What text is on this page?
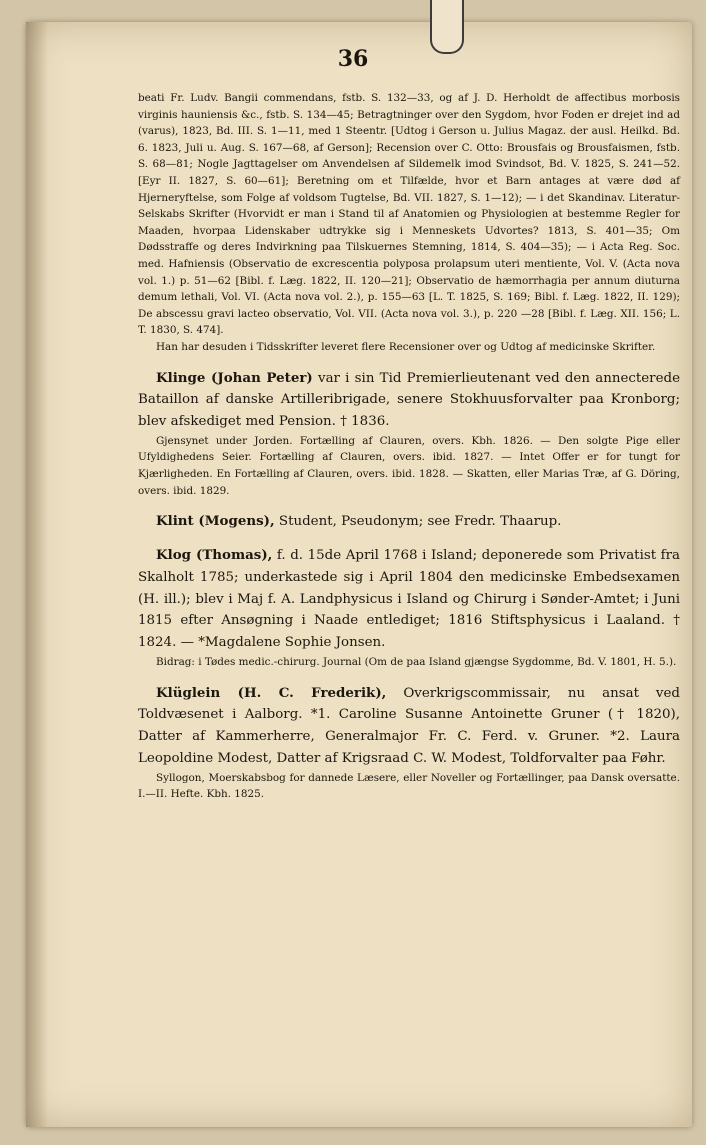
36

beati Fr. Ludv. Bangii commendans, fstb. S. 132—33, og af J. D. Herholdt de affectibus morbosis virginis hauniensis &c., fstb. S. 134—45; Betragtninger over den Sygdom, hvor Foden er drejet ind ad (varus), 1823, Bd. III. S. 1—11, med 1 Steentr. [Udtog i Gerson u. Julius Magaz. der ausl. Heilkd. Bd. 6. 1823, Juli u. Aug. S. 167—68, af Gerson]; Recension over C. Otto: Brousfais og Brousfaismen, fstb. S. 68—81; Nogle Jagttagelser om Anvendelsen af Sildemelk imod Svindsot, Bd. V. 1825, S. 241—52. [Eyr II. 1827, S. 60—61]; Beretning om et Tilfælde, hvor et Barn antages at være død af Hjerneryftelse, som Folge af voldsom Tugtelse, Bd. VII. 1827, S. 1—12); — i det Skandinav. Literatur-Selskabs Skrifter (Hvorvidt er man i Stand til af Anatomien og Physiologien at bestemme Regler for Maaden, hvorpaa Lidenskaber udtrykke sig i Menneskets Udvortes? 1813, S. 401—35; Om Dødsstraffe og deres Indvirkning paa Tilskuernes Stemning, 1814, S. 404—35); — i Acta Reg. Soc. med. Hafniensis (Observatio de excrescentia polyposa prolapsum uteri mentiente, Vol. V. (Acta nova vol. 1.) p. 51—62 [Bibl. f. Læg. 1822, II. 120—21]; Observatio de hæmorrhagia per annum diuturna demum lethali, Vol. VI. (Acta nova vol. 2.), p. 155—63 [L. T. 1825, S. 169; Bibl. f. Læg. 1822, II. 129); De abscessu gravi lacteo observatio, Vol. VII. (Acta nova vol. 3.), p. 220 —28 [Bibl. f. Læg. XII. 156; L. T. 1830, S. 474].

Han har desuden i Tidsskrifter leveret flere Recensioner over og Udtog af medicinske Skrifter.

Klinge (Johan Peter) var i sin Tid Premierlieutenant ved den annecterede Bataillon af danske Artilleribrigade, senere Stokhuusforvalter paa Kronborg; blev afskediget med Pension. † 1836.

Gjensynet under Jorden. Fortælling af Clauren, overs. Kbh. 1826. — Den solgte Pige eller Ufyldighedens Seier. Fortælling af Clauren, overs. ibid. 1827. — Intet Offer er for tungt for Kjærligheden. En Fortælling af Clauren, overs. ibid. 1828. — Skatten, eller Marias Træ, af G. Döring, overs. ibid. 1829.

Klint (Mogens), Student, Pseudonym; see Fredr. Thaarup.

Klog (Thomas), f. d. 15de April 1768 i Island; deponerede som Privatist fra Skalholt 1785; underkastede sig i April 1804 den medicinske Embedsexamen (H. ill.); blev i Maj f. A. Landphysicus i Island og Chirurg i Sønder-Amtet; i Juni 1815 efter Ansøgning i Naade entlediget; 1816 Stiftsphysicus i Laaland. † 1824. — *Magdalene Sophie Jonsen.

Bidrag: i Tødes medic.-chirurg. Journal (Om de paa Island gjængse Sygdomme, Bd. V. 1801, H. 5.).

Klüglein (H. C. Frederik), Overkrigscommissair, nu ansat ved Toldvæsenet i Aalborg. *1. Caroline Susanne Antoinette Gruner († 1820), Datter af Kammerherre, Generalmajor Fr. C. Ferd. v. Gruner. *2. Laura Leopoldine Modest, Datter af Krigsraad C. W. Modest, Toldforvalter paa Føhr.

Syllogon, Moerskabsbog for dannede Læsere, eller Noveller og Fortællinger, paa Dansk oversatte. I.—II. Hefte. Kbh. 1825.
